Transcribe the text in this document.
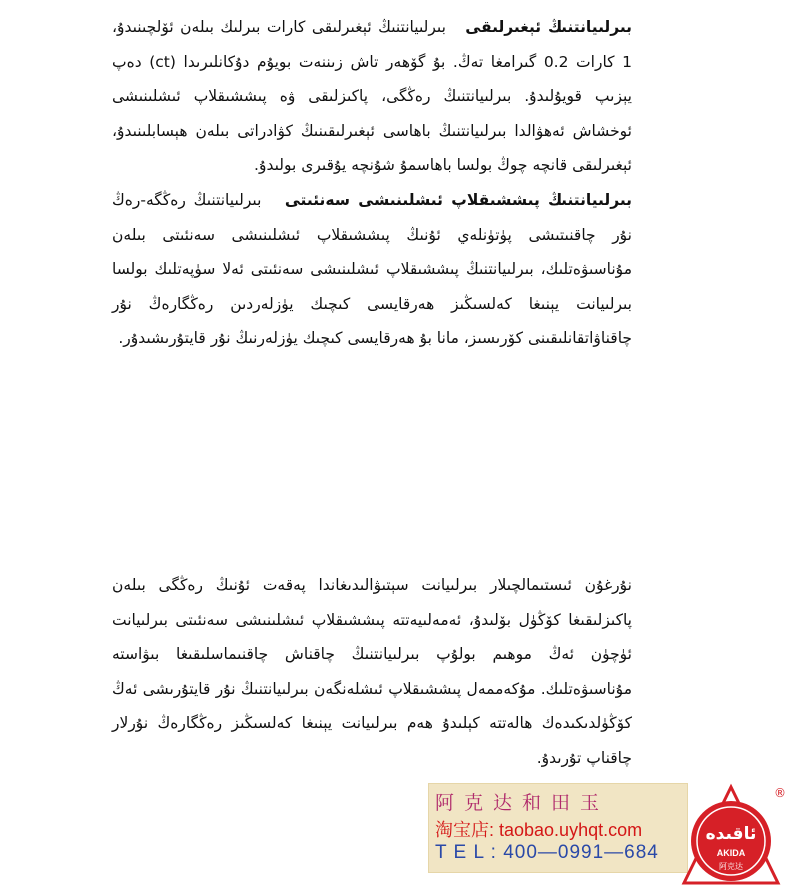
بىرلىيانتنىڭ ئېغىرلىقى   بىرلىيانتنىڭ ئېغىرلىقى كارات بىرلىك بىلەن ئۆلچىنىدۇ، 1 كارات 0.2 گىرامغا تەڭ. بۇ گۆھەر تاش زىننەت بويۇم دۇكانلىرىدا (ct) دەپ يېزىپ قويۇلىدۇ. بىرلىيانتنىڭ رەڭگى، پاكىزلىقى ۋە پىششىقلاپ ئىشلىنىشى ئوخشاش ئەھۋالدا بىرلىيانتنىڭ باھاسى ئېغىرلىقىنىڭ كۋادراتى بىلەن ھېسابلىنىدۇ، ئېغىرلىقى قانچە چوڭ بولسا باھاسمۇ شۇنچە يۇقىرى بولىدۇ.
بىرلىيانتنىڭ پىششىقلاپ ئىشلىنىشى سەنئىتى   بىرلىيانتنىڭ رەڭگە-رەڭ نۇر چاقنىتىشى پۈتۈنلەي ئۇنىڭ پىششىقلاپ ئىشلىنىشى سەنئىتى بىلەن مۇناسىۋەتلىك، بىرلىيانتنىڭ پىششىقلاپ ئىشلىنىشى سەنئىتى ئەلا سۈپەتلىك بولسا بىرلىيانت يېنىغا كەلسىڭىز ھەرقايسى كىچىك يۈزلەردىن رەڭگارەڭ نۇر چاقناۋاتقانلىقىنى كۆرىسىز، مانا بۇ ھەرقايسى كىچىك يۈزلەرنىڭ نۇر قايتۇرىشىدۇر.

نۇرغۇن ئىستىمالچىلار بىرلىيانت سېتىۋالىدىغاندا پەقەت ئۇنىڭ رەڭگى بىلەن پاكىزلىقىغا كۆڭۈل بۆلىدۇ، ئەمەلىيەتتە پىششىقلاپ ئىشلىنىشى سەنئىتى بىرلىيانت ئۈچۈن ئەڭ موھىم بولۇپ بىرلىيانتنىڭ چاقناش چاقنىماسلىقىغا بىۋاستە مۇناسىۋەتلىك. مۇكەممەل پىششىقلاپ ئىشلەنگەن بىرلىيانتنىڭ نۇر قايتۇرىشى ئەڭ كۆڭۈلدىكىدەك ھالەتتە كېلىدۇ ھەم بىرلىيانت يېنىغا كەلسىڭىز رەڭگارەڭ نۇرلار چاقناپ تۇرىدۇ.

阿克达和田玉

淘宝店: taobao.uyhqt.com

T E L : 400—0991—684

ئاقىدە
AKIDA
阿克达
®
